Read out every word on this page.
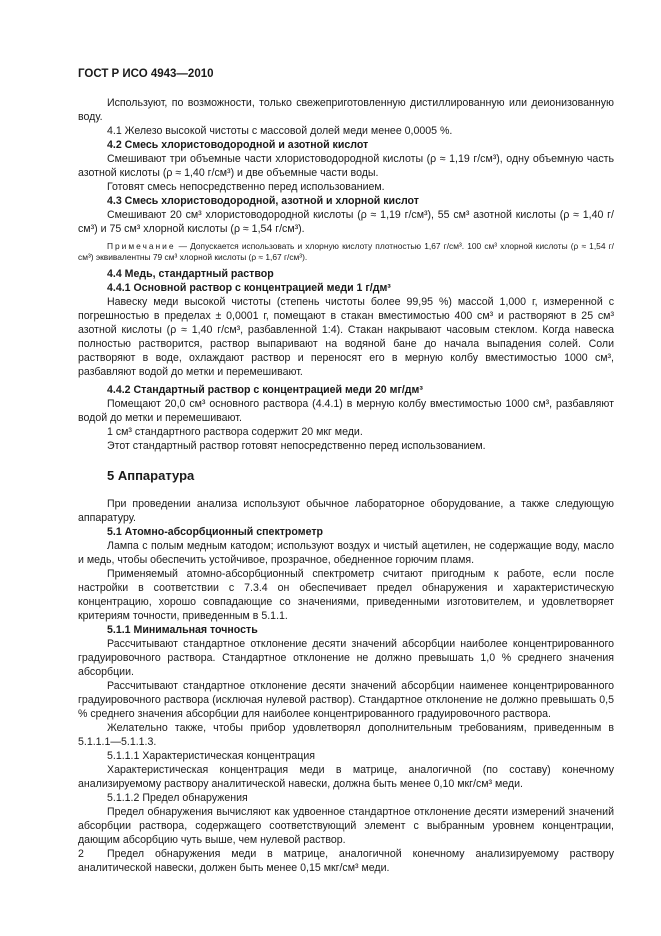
ГОСТ Р ИСО 4943—2010

Используют, по возможности, только свежеприготовленную дистиллированную или деионизованную воду.

4.1 Железо высокой чистоты с массовой долей меди менее 0,0005 %.

4.2 Смесь хлористоводородной и азотной кислот

Смешивают три объемные части хлористоводородной кислоты (ρ ≈ 1,19 г/см³), одну объемную часть азотной кислоты (ρ ≈ 1,40 г/см³) и две объемные части воды.

Готовят смесь непосредственно перед использованием.

4.3 Смесь хлористоводородной, азотной и хлорной кислот

Смешивают 20 см³ хлористоводородной кислоты (ρ ≈ 1,19 г/см³), 55 см³ азотной кислоты (ρ ≈ 1,40 г/см³) и 75 см³ хлорной кислоты (ρ ≈ 1,54 г/см³).

Примечание — Допускается использовать и хлорную кислоту плотностью 1,67 г/см³. 100 см³ хлорной кислоты (ρ ≈ 1,54 г/см³) эквивалентны 79 см³ хлорной кислоты (ρ ≈ 1,67 г/см³).

4.4 Медь, стандартный раствор

4.4.1 Основной раствор с концентрацией меди 1 г/дм³

Навеску меди высокой чистоты (степень чистоты более 99,95 %) массой 1,000 г, измеренной с погрешностью в пределах ± 0,0001 г, помещают в стакан вместимостью 400 см³ и растворяют в 25 см³ азотной кислоты (ρ ≈ 1,40 г/см³, разбавленной 1:4). Стакан накрывают часовым стеклом. Когда навеска полностью растворится, раствор выпаривают на водяной бане до начала выпадения солей. Соли растворяют в воде, охлаждают раствор и переносят его в мерную колбу вместимостью 1000 см³, разбавляют водой до метки и перемешивают.

4.4.2 Стандартный раствор с концентрацией меди 20 мг/дм³

Помещают 20,0 см³ основного раствора (4.4.1) в мерную колбу вместимостью 1000 см³, разбавляют водой до метки и перемешивают.

1 см³ стандартного раствора содержит 20 мкг меди.

Этот стандартный раствор готовят непосредственно перед использованием.

5 Аппаратура

При проведении анализа используют обычное лабораторное оборудование, а также следующую аппаратуру.

5.1 Атомно-абсорбционный спектрометр

Лампа с полым медным катодом; используют воздух и чистый ацетилен, не содержащие воду, масло и медь, чтобы обеспечить устойчивое, прозрачное, обедненное горючим пламя.

Применяемый атомно-абсорбционный спектрометр считают пригодным к работе, если после настройки в соответствии с 7.3.4 он обеспечивает предел обнаружения и характеристическую концентрацию, хорошо совпадающие со значениями, приведенными изготовителем, и удовлетворяет критериям точности, приведенным в 5.1.1.

5.1.1 Минимальная точность

Рассчитывают стандартное отклонение десяти значений абсорбции наиболее концентрированного градуировочного раствора. Стандартное отклонение не должно превышать 1,0 % среднего значения абсорбции.

Рассчитывают стандартное отклонение десяти значений абсорбции наименее концентрированного градуировочного раствора (исключая нулевой раствор). Стандартное отклонение не должно превышать 0,5 % среднего значения абсорбции для наиболее концентрированного градуировочного раствора.

Желательно также, чтобы прибор удовлетворял дополнительным требованиям, приведенным в 5.1.1.1—5.1.1.3.

5.1.1.1 Характеристическая концентрация

Характеристическая концентрация меди в матрице, аналогичной (по составу) конечному анализируемому раствору аналитической навески, должна быть менее 0,10 мкг/см³ меди.

5.1.1.2 Предел обнаружения

Предел обнаружения вычисляют как удвоенное стандартное отклонение десяти измерений значений абсорбции раствора, содержащего соответствующий элемент с выбранным уровнем концентрации, дающим абсорбцию чуть выше, чем нулевой раствор.

Предел обнаружения меди в матрице, аналогичной конечному анализируемому раствору аналитической навески, должен быть менее 0,15 мкг/см³ меди.

2
